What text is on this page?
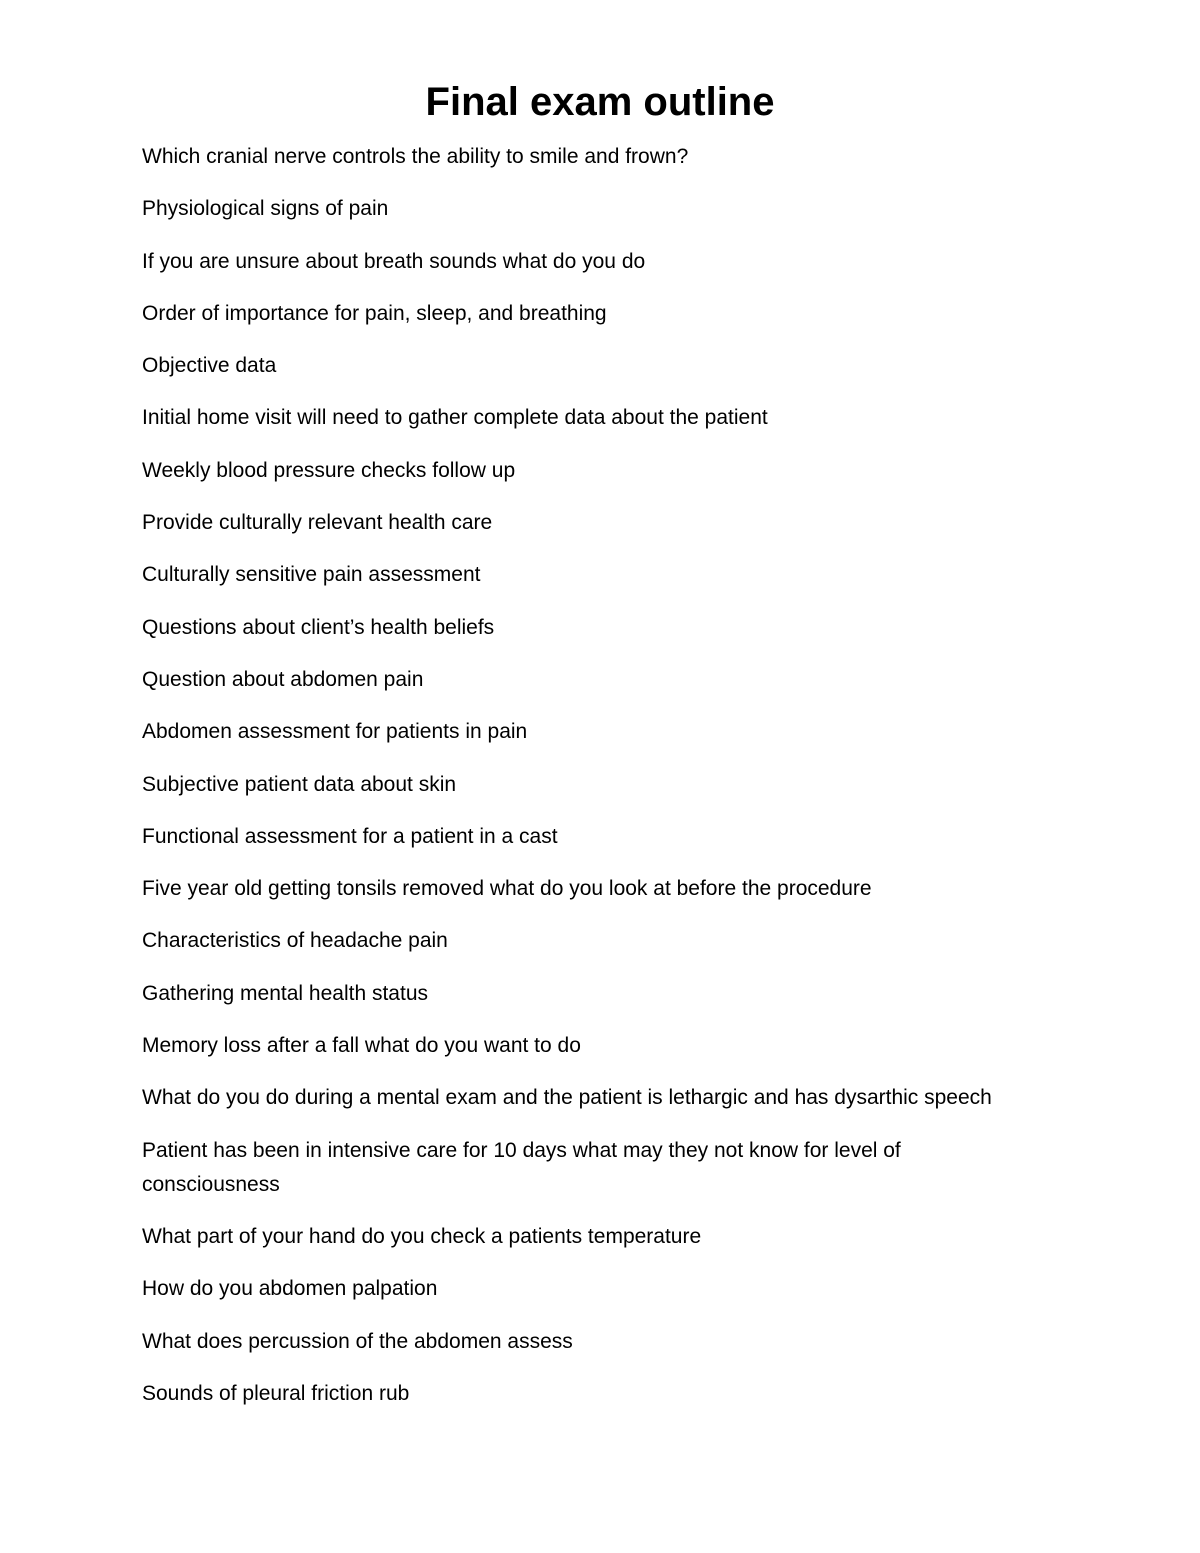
Final exam outline
Which cranial nerve controls the ability to smile and frown?
Physiological signs of pain
If you are unsure about breath sounds what do you do
Order of importance for pain, sleep, and breathing
Objective data
Initial home visit will need to gather complete data about the patient
Weekly blood pressure checks follow up
Provide culturally relevant health care
Culturally sensitive pain assessment
Questions about client’s health beliefs
Question about abdomen pain
Abdomen assessment for patients in pain
Subjective patient data about skin
Functional assessment for a patient in a cast
Five year old getting tonsils removed what do you look at before the procedure
Characteristics of headache pain
Gathering mental health status
Memory loss after a fall what do you want to do
What do you do during a mental exam and the patient is lethargic and has dysarthic speech
Patient has been in intensive care for 10 days what may they not know for level of consciousness
What part of your hand do you check a patients temperature
How do you abdomen palpation
What does percussion of the abdomen assess
Sounds of pleural friction rub
